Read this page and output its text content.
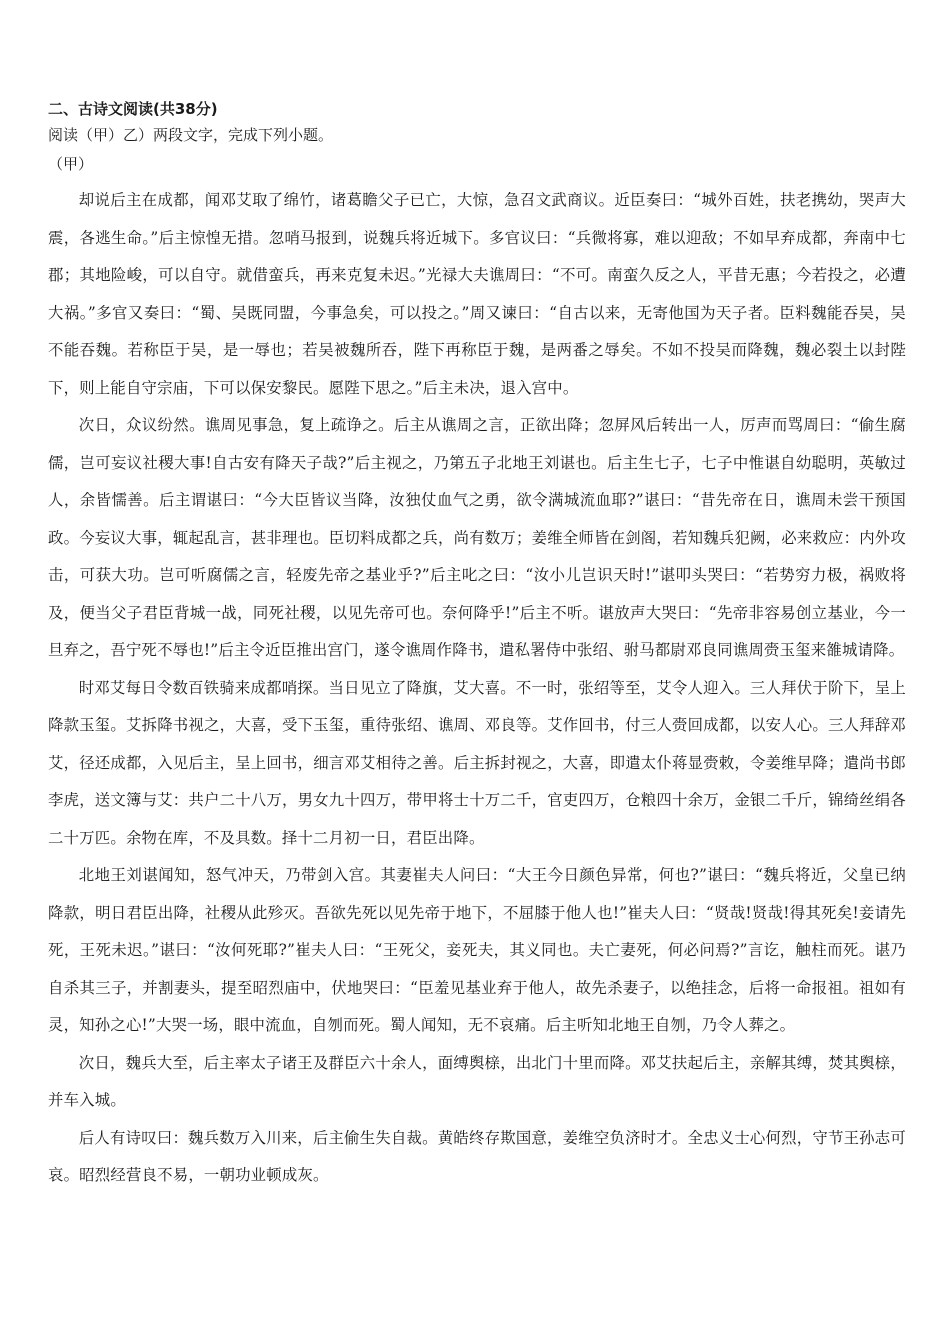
二、古诗文阅读(共38分)

阅读（甲）乙）两段文字，完成下列小题。

（甲）

却说后主在成都，闻邓艾取了绵竹，诸葛瞻父子已亡，大惊，急召文武商议。近臣奏曰：“城外百姓，扶老携幼，哭声大震，各逃生命。”后主惊惶无措。忽哨马报到，说魏兵将近城下。多官议曰：“兵微将寡，难以迎敌；不如早弃成都，奔南中七郡；其地险峻，可以自守。就借蛮兵，再来克复未迟。”光禄大夫谯周曰：“不可。南蛮久反之人，平昔无惠；今若投之，必遭大祸。”多官又奏曰：“蜀、吴既同盟，今事急矣，可以投之。”周又谏曰：“自古以来，无寄他国为天子者。臣料魏能吞吴，吴不能吞魏。若称臣于吴，是一辱也；若吴被魏所吞，陛下再称臣于魏，是两番之辱矣。不如不投吴而降魏，魏必裂土以封陛下，则上能自守宗庙，下可以保安黎民。愿陛下思之。”后主未决，退入宫中。

次日，众议纷然。谯周见事急，复上疏诤之。后主从谯周之言，正欲出降；忽屏风后转出一人，厉声而骂周曰：“偷生腐儒，岂可妄议社稷大事!自古安有降天子哉?”后主视之，乃第五子北地王刘谌也。后主生七子，七子中惟谌自幼聪明，英敏过人，余皆懦善。后主谓谌曰：“今大臣皆议当降，汝独仗血气之勇，欲令满城流血耶?”谌曰：“昔先帝在日，谯周未尝干预国政。今妄议大事，辄起乱言，甚非理也。臣切料成都之兵，尚有数万；姜维全师皆在剑阁，若知魏兵犯阙，必来救应：内外攻击，可获大功。岂可听腐儒之言，轻废先帝之基业乎?”后主叱之曰：“汝小儿岂识天时!”谌叩头哭曰：“若势穷力极，祸败将及，便当父子君臣背城一战，同死社稷，以见先帝可也。奈何降乎!”后主不听。谌放声大哭曰：“先帝非容易创立基业，今一旦弃之，吾宁死不辱也!”后主令近臣推出宫门，遂令谯周作降书，遣私署侍中张绍、驸马都尉邓良同谯周赍玉玺来雒城请降。

时邓艾每日令数百铁骑来成都哨探。当日见立了降旗，艾大喜。不一时，张绍等至，艾令人迎入。三人拜伏于阶下，呈上降款玉玺。艾拆降书视之，大喜，受下玉玺，重待张绍、谯周、邓良等。艾作回书，付三人赍回成都，以安人心。三人拜辞邓艾，径还成都，入见后主，呈上回书，细言邓艾相待之善。后主拆封视之，大喜，即遣太仆蒋显赍敕，令姜维早降；遣尚书郎李虎，送文簿与艾：共户二十八万，男女九十四万，带甲将士十万二千，官吏四万，仓粮四十余万，金银二千斤，锦绮丝绢各二十万匹。余物在库，不及具数。择十二月初一日，君臣出降。

北地王刘谌闻知，怒气冲天，乃带剑入宫。其妻崔夫人问曰：“大王今日颜色异常，何也?”谌曰：“魏兵将近，父皇已纳降款，明日君臣出降，社稷从此殄灭。吾欲先死以见先帝于地下，不屈膝于他人也!”崔夫人曰：“贤哉!贤哉!得其死矣!妾请先死，王死未迟。”谌曰：“汝何死耶?”崔夫人曰：“王死父，妾死夫，其义同也。夫亡妻死，何必问焉?”言讫，触柱而死。谌乃自杀其三子，并割妻头，提至昭烈庙中，伏地哭曰：“臣羞见基业弃于他人，故先杀妻子，以绝挂念，后将一命报祖。祖如有灵，知孙之心!”大哭一场，眼中流血，自刎而死。蜀人闻知，无不哀痛。后主听知北地王自刎，乃令人葬之。

次日，魏兵大至，后主率太子诸王及群臣六十余人，面缚舆榇，出北门十里而降。邓艾扶起后主，亲解其缚，焚其舆榇，并车入城。

后人有诗叹曰：魏兵数万入川来，后主偷生失自裁。黄皓终存欺国意，姜维空负济时才。全忠义士心何烈，守节王孙志可哀。昭烈经营良不易，一朝功业顿成灰。
